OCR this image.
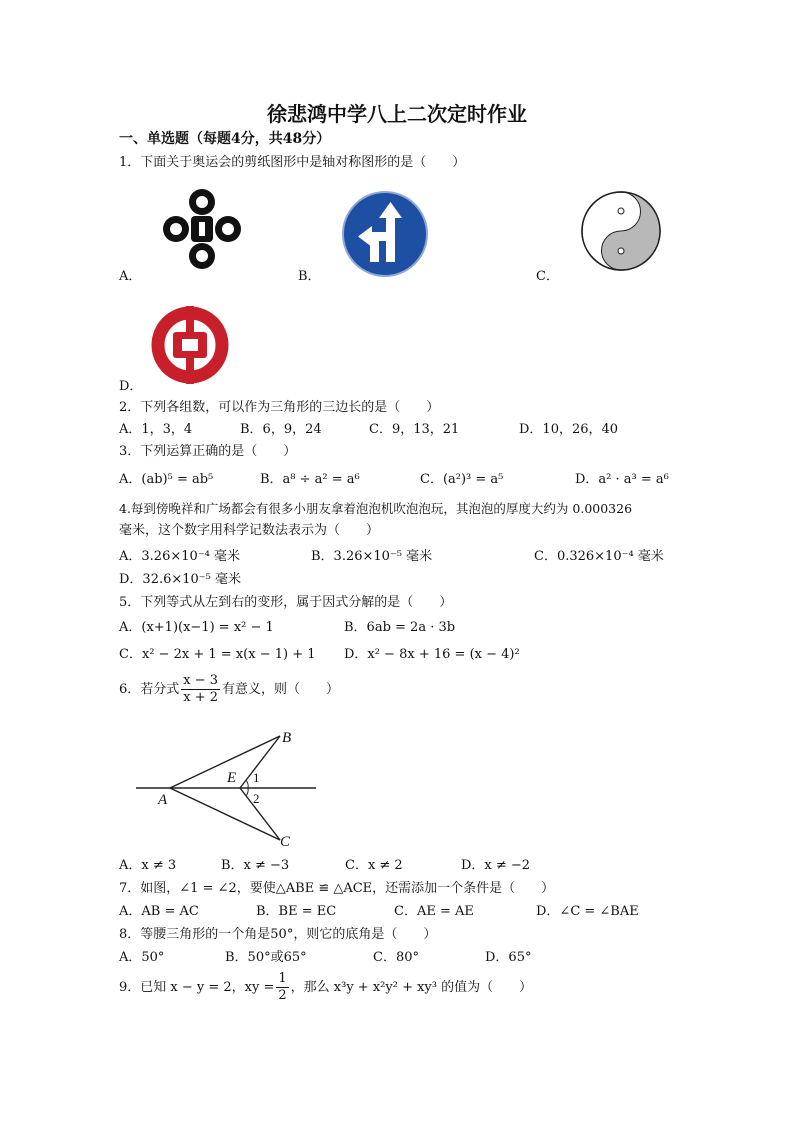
徐悲鸿中学八上二次定时作业
一、单选题（每题4分，共48分）
1．下面关于奥运会的剪纸图形中是轴对称图形的是（　　）
A．	B．	C．
D．
2．下列各组数，可以作为三角形的三边长的是（　　）
A．1，3，4	B．6，9，24	C．9，13，21	D．10，26，40
3．下列运算正确的是（　　）
A．(ab)⁵ = ab⁵	B．a⁸ ÷ a² = a⁶	C．(a²)³ = a⁵	D．a² · a³ = a⁶
4.每到傍晚祥和广场都会有很多小朋友拿着泡泡机吹泡泡玩，其泡泡的厚度大约为 0.000326
毫米，这个数字用科学记数法表示为（　　）
A．3.26×10⁻⁴ 毫米	B．3.26×10⁻⁵ 毫米	C．0.326×10⁻⁴ 毫米
D．32.6×10⁻⁵ 毫米
5．下列等式从左到右的变形，属于因式分解的是（　　）
A．(x+1)(x−1) = x² − 1	B．6ab = 2a · 3b
C．x² − 2x + 1 = x(x − 1) + 1 D．x² − 8x + 16 = (x − 4)²
6．若分式 $\frac{x - 3}{x + 2}$ 有意义，则（　　）
A
B
C
E 1
2
A．x ≠ 3	B．x ≠ −3	C．x ≠ 2	D．x ≠ −2
7．如图，∠1 = ∠2，要使△ABE ≌ △ACE，还需添加一个条件是（　　）
A．AB = AC	B．BE = EC	C．AE = AE	D．∠C = ∠BAE
8．等腰三角形的一个角是50°，则它的底角是（　　）
A．50°	B．50°或65°	C．80°	D．65°
9．已知 x − y = 2，xy = $\frac{1}{2}$ ，那么 x³y + x²y² + xy³ 的值为（　　）
